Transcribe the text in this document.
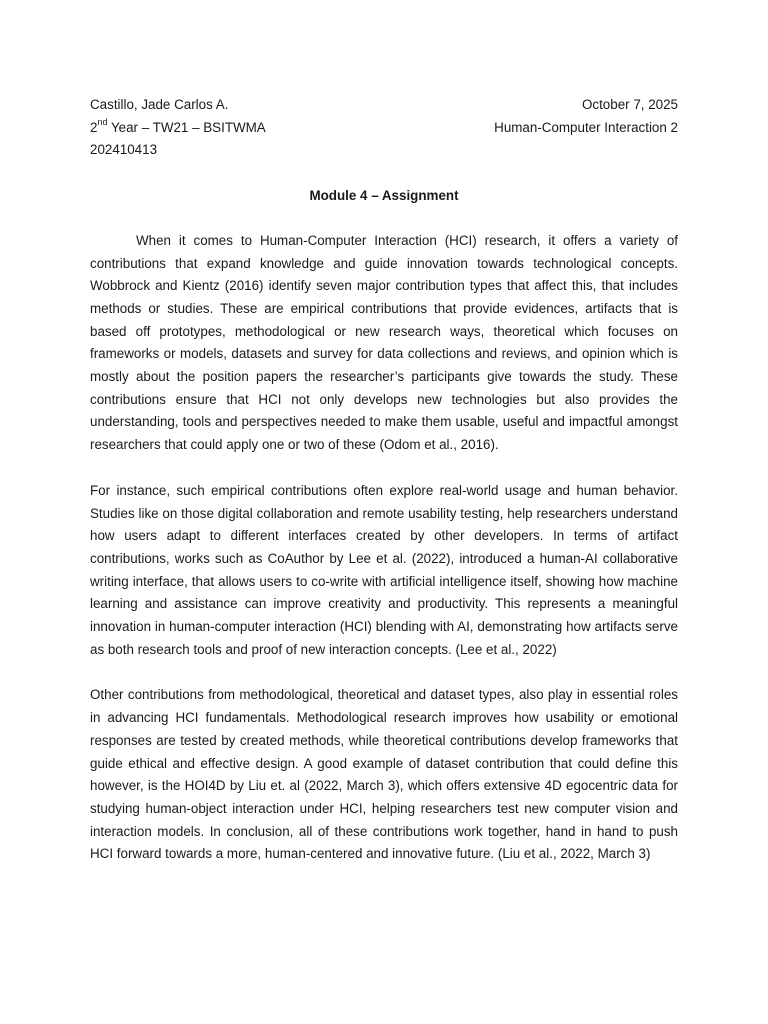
Castillo, Jade Carlos A.
2nd Year – TW21 – BSITWMA
202410413
October 7, 2025
Human-Computer Interaction 2
Module 4 – Assignment

When it comes to Human-Computer Interaction (HCI) research, it offers a variety of contributions that expand knowledge and guide innovation towards technological concepts. Wobbrock and Kientz (2016) identify seven major contribution types that affect this, that includes methods or studies. These are empirical contributions that provide evidences, artifacts that is based off prototypes, methodological or new research ways, theoretical which focuses on frameworks or models, datasets and survey for data collections and reviews, and opinion which is mostly about the position papers the researcher’s participants give towards the study. These contributions ensure that HCI not only develops new technologies but also provides the understanding, tools and perspectives needed to make them usable, useful and impactful amongst researchers that could apply one or two of these (Odom et al., 2016).

For instance, such empirical contributions often explore real-world usage and human behavior. Studies like on those digital collaboration and remote usability testing, help researchers understand how users adapt to different interfaces created by other developers. In terms of artifact contributions, works such as CoAuthor by Lee et al. (2022), introduced a human-AI collaborative writing interface, that allows users to co-write with artificial intelligence itself, showing how machine learning and assistance can improve creativity and productivity. This represents a meaningful innovation in human-computer interaction (HCI) blending with AI, demonstrating how artifacts serve as both research tools and proof of new interaction concepts. (Lee et al., 2022)

Other contributions from methodological, theoretical and dataset types, also play in essential roles in advancing HCI fundamentals. Methodological research improves how usability or emotional responses are tested by created methods, while theoretical contributions develop frameworks that guide ethical and effective design. A good example of dataset contribution that could define this however, is the HOI4D by Liu et. al (2022, March 3), which offers extensive 4D egocentric data for studying human-object interaction under HCI, helping researchers test new computer vision and interaction models. In conclusion, all of these contributions work together, hand in hand to push HCI forward towards a more, human-centered and innovative future. (Liu et al., 2022, March 3)
